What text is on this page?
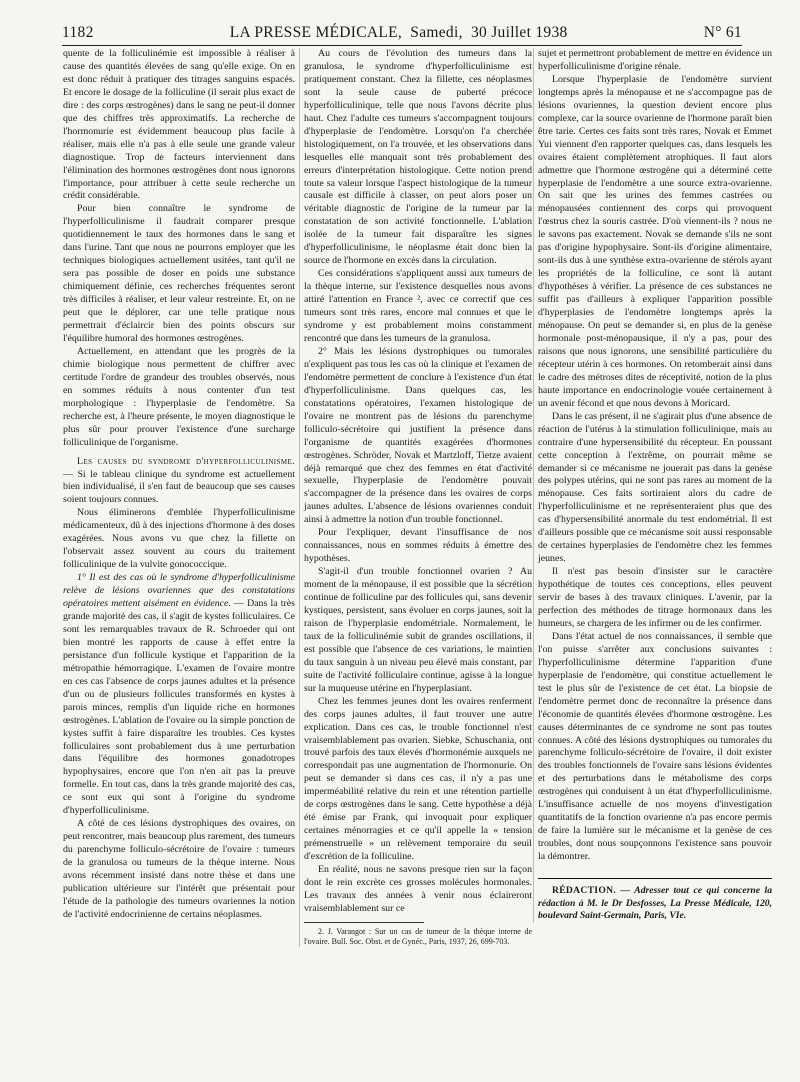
1182	LA PRESSE MÉDICALE, Samedi, 30 Juillet 1938	N° 61

quente de la folliculinémie est impossible à réaliser à cause des quantités élevées de sang qu'elle exige. On en est donc réduit à pratiquer des titrages sanguins espacés. Et encore le dosage de la folliculine (il serait plus exact de dire : des corps œstrogènes) dans le sang ne peut-il donner que des chiffres très approximatifs. La recherche de l'hormonurie est évidemment beaucoup plus facile à réaliser, mais elle n'a pas à elle seule une grande valeur diagnostique. Trop de facteurs interviennent dans l'élimination des hormones œstrogènes dont nous ignorons l'importance, pour attribuer à cette seule recherche un crédit considérable.

Pour bien connaître le syndrome de l'hyperfolliculinisme il faudrait comparer presque quotidiennement le taux des hormones dans le sang et dans l'urine. Tant que nous ne pourrons employer que les techniques biologiques actuellement usitées, tant qu'il ne sera pas possible de doser en poids une substance chimiquement définie, ces recherches fréquentes seront très difficiles à réaliser, et leur valeur restreinte. Et, on ne peut que le déplorer, car une telle pratique nous permettrait d'éclaircir bien des points obscurs sur l'équilibre humoral des hormones œstrogènes.

Actuellement, en attendant que les progrès de la chimie biologique nous permettent de chiffrer avec certitude l'ordre de grandeur des troubles observés, nous en sommes réduits à nous contenter d'un test morphologique : l'hyperplasie de l'endomètre. Sa recherche est, à l'heure présente, le moyen diagnostique le plus sûr pour prouver l'existence d'une surcharge folliculinique de l'organisme.

Les causes du syndrome d'hyperfolliculinisme. — Si le tableau clinique du syndrome est actuellement bien individualisé, il s'en faut de beaucoup que ses causes soient toujours connues.

Nous éliminerons d'emblée l'hyperfolliculinisme médicamenteux, dû à des injections d'hormone à des doses exagérées. Nous avons vu que chez la fillette on l'observait assez souvent au cours du traitement folliculinique de la vulvite gonococcique.

1° Il est des cas où le syndrome d'hyperfolliculinisme relève de lésions ovariennes que des constatations opératoires mettent aisément en évidence. — Dans la très grande majorité des cas, il s'agit de kystes folliculaires. Ce sont les remarquables travaux de R. Schroeder qui ont bien montré les rapports de cause à effet entre la persistance d'un follicule kystique et l'apparition de la métropathie hémorragique. L'examen de l'ovaire montre en ces cas l'absence de corps jaunes adultes et la présence d'un ou de plusieurs follicules transformés en kystes à parois minces, remplis d'un liquide riche en hormones œstrogènes. L'ablation de l'ovaire ou la simple ponction de kystes suffit à faire disparaître les troubles. Ces kystes folliculaires sont probablement dus à une perturbation dans l'équilibre des hormones gonadotropes hypophysaires, encore que l'on n'en ait pas la preuve formelle. En tout cas, dans la très grande majorité des cas, ce sont eux qui sont à l'origine du syndrome d'hyperfolliculinisme.

A côté de ces lésions dystrophiques des ovaires, on peut rencontrer, mais beaucoup plus rarement, des tumeurs du parenchyme folliculo-sécrétoire de l'ovaire : tumeurs de la granulosa ou tumeurs de la thèque interne. Nous avons récemment insisté dans notre thèse et dans une publication ultérieure sur l'intérêt que présentait pour l'étude de la pathologie des tumeurs ovariennes la notion de l'activité endocrinienne de certains néoplasmes.

Au cours de l'évolution des tumeurs dans la granulosa, le syndrome d'hyperfolliculinisme est pratiquement constant. Chez la fillette, ces néoplasmes sont la seule cause de puberté précoce hyperfolliculinique, telle que nous l'avons décrite plus haut. Chez l'adulte ces tumeurs s'accompagnent toujours d'hyperplasie de l'endomètre. Lorsqu'on l'a cherchée histologiquement, on l'a trouvée, et les observations dans lesquelles elle manquait sont très probablement des erreurs d'interprétation histologique. Cette notion prend toute sa valeur lorsque l'aspect histologique de la tumeur causale est difficile à classer, on peut alors poser un véritable diagnostic de l'origine de la tumeur par la constatation de son activité fonctionnelle. L'ablation isolée de la tumeur fait disparaître les signes d'hyperfolliculinisme, le néoplasme était donc bien la source de l'hormone en excès dans la circulation.

Ces considérations s'appliquent aussi aux tumeurs de la thèque interne, sur l'existence desquelles nous avons attiré l'attention en France ², avec ce correctif que ces tumeurs sont très rares, encore mal connues et que le syndrome y est probablement moins constamment rencontré que dans les tumeurs de la granulosa.

2° Mais les lésions dystrophiques ou tumorales n'expliquent pas tous les cas où la clinique et l'examen de l'endomètre permettent de conclure à l'existence d'un état d'hyperfolliculinisme. Dans quelques cas, les constatations opératoires, l'examen histologique de l'ovaire ne montrent pas de lésions du parenchyme folliculo-sécrétoire qui justifient la présence dans l'organisme de quantités exagérées d'hormones œstrogènes. Schröder, Novak et Martzloff, Tietze avaient déjà remarqué que chez des femmes en état d'activité sexuelle, l'hyperplasie de l'endomètre pouvait s'accompagner de la présence dans les ovaires de corps jaunes adultes. L'absence de lésions ovariennes conduit ainsi à admettre la notion d'un trouble fonctionnel.

Pour l'expliquer, devant l'insuffisance de nos connaissances, nous en sommes réduits à émettre des hypothèses.

S'agit-il d'un trouble fonctionnel ovarien ? Au moment de la ménopause, il est possible que la sécrétion continue de folliculine par des follicules qui, sans devenir kystiques, persistent, sans évoluer en corps jaunes, soit la raison de l'hyperplasie endométriale. Normalement, le taux de la folliculinémie subit de grandes oscillations, il est possible que l'absence de ces variations, le maintien du taux sanguin à un niveau peu élevé mais constant, par suite de l'activité folliculaire continue, agisse à la longue sur la muqueuse utérine en l'hyperplasiant.

Chez les femmes jeunes dont les ovaires renferment des corps jaunes adultes, il faut trouver une autre explication. Dans ces cas, le trouble fonctionnel n'est vraisemblablement pas ovarien. Siebke, Schuschania, ont trouvé parfois des taux élevés d'hormonémie auxquels ne correspondait pas une augmentation de l'hormonurie. On peut se demander si dans ces cas, il n'y a pas une imperméabilité relative du rein et une rétention partielle de corps œstrogènes dans le sang. Cette hypothèse a déjà été émise par Frank, qui invoquait pour expliquer certaines ménorragies et ce qu'il appelle la « tension prémenstruelle » un relèvement temporaire du seuil d'excrétion de la folliculine.

En réalité, nous ne savons presque rien sur la façon dont le rein excrète ces grosses molécules hormonales. Les travaux des années à venir nous éclaireront vraisemblablement sur ce

2. J. Varangot : Sur un cas de tumeur de la thèque interne de l'ovaire. Bull. Soc. Obst. et de Gynéc., Paris, 1937, 26, 699-703.

sujet et permettront probablement de mettre en évidence un hyperfolliculinisme d'origine rénale.

Lorsque l'hyperplasie de l'endomètre survient longtemps après la ménopause et ne s'accompagne pas de lésions ovariennes, la question devient encore plus complexe, car la source ovarienne de l'hormone paraît bien être tarie. Certes ces faits sont très rares, Novak et Emmet Yui viennent d'en rapporter quelques cas, dans lesquels les ovaires étaient complètement atrophiques. Il faut alors admettre que l'hormone œstrogène qui a déterminé cette hyperplasie de l'endomètre a une source extra-ovarienne. On sait que les urines des femmes castrées ou ménopausées contiennent des corps qui provoquent l'œstrus chez la souris castrée. D'où viennent-ils ? nous ne le savons pas exactement. Novak se demande s'ils ne sont pas d'origine hypophysaire. Sont-ils d'origine alimentaire, sont-ils dus à une synthèse extra-ovarienne de stérols ayant les propriétés de la folliculine, ce sont là autant d'hypothèses à vérifier. La présence de ces substances ne suffit pas d'ailleurs à expliquer l'apparition possible d'hyperplasies de l'endomètre longtemps après la ménopause. On peut se demander si, en plus de la genèse hormonale post-ménopausique, il n'y a pas, pour des raisons que nous ignorons, une sensibilité particulière du récepteur utérin à ces hormones. On retomberait ainsi dans le cadre des métroses dites de réceptivité, notion de la plus haute importance en endocrinologie vouée certainement à un avenir fécond et que nous devons à Moricard.

Dans le cas présent, il ne s'agirait plus d'une absence de réaction de l'utérus à la stimulation folliculinique, mais au contraire d'une hypersensibilité du récepteur. En poussant cette conception à l'extrême, on pourrait même se demander si ce mécanisme ne jouerait pas dans la genèse des polypes utérins, qui ne sont pas rares au moment de la ménopause. Ces faits sortiraient alors du cadre de l'hyperfolliculinisme et ne représenteraient plus que des cas d'hypersensibilité anormale du test endométrial. Il est d'ailleurs possible que ce mécanisme soit aussi responsable de certaines hyperplasies de l'endomètre chez les femmes jeunes.

Il n'est pas besoin d'insister sur le caractère hypothétique de toutes ces conceptions, elles peuvent servir de bases à des travaux cliniques. L'avenir, par la perfection des méthodes de titrage hormonaux dans les humeurs, se chargera de les infirmer ou de les confirmer.

Dans l'état actuel de nos connaissances, il semble que l'on puisse s'arrêter aux conclusions suivantes : l'hyperfolliculinisme détermine l'apparition d'une hyperplasie de l'endomètre, qui constitue actuellement le test le plus sûr de l'existence de cet état. La biopsie de l'endomètre permet donc de reconnaître la présence dans l'économie de quantités élevées d'hormone œstrogène. Les causes déterminantes de ce syndrome ne sont pas toutes connues. A côté des lésions dystrophiques ou tumorales du parenchyme folliculo-sécrétoire de l'ovaire, il doit exister des troubles fonctionnels de l'ovaire sans lésions évidentes et des perturbations dans le métabolisme des corps œstrogènes qui conduisent à un état d'hyperfolliculinisme. L'insuffisance actuelle de nos moyens d'investigation quantitatifs de la fonction ovarienne n'a pas encore permis de faire la lumière sur le mécanisme et la genèse de ces troubles, dont nous soupçonnons l'existence sans pouvoir la démontrer.

RÉDACTION. — Adresser tout ce qui concerne la rédaction à M. le Dr Desfosses, La Presse Médicale, 120, boulevard Saint-Germain, Paris, VIe.
